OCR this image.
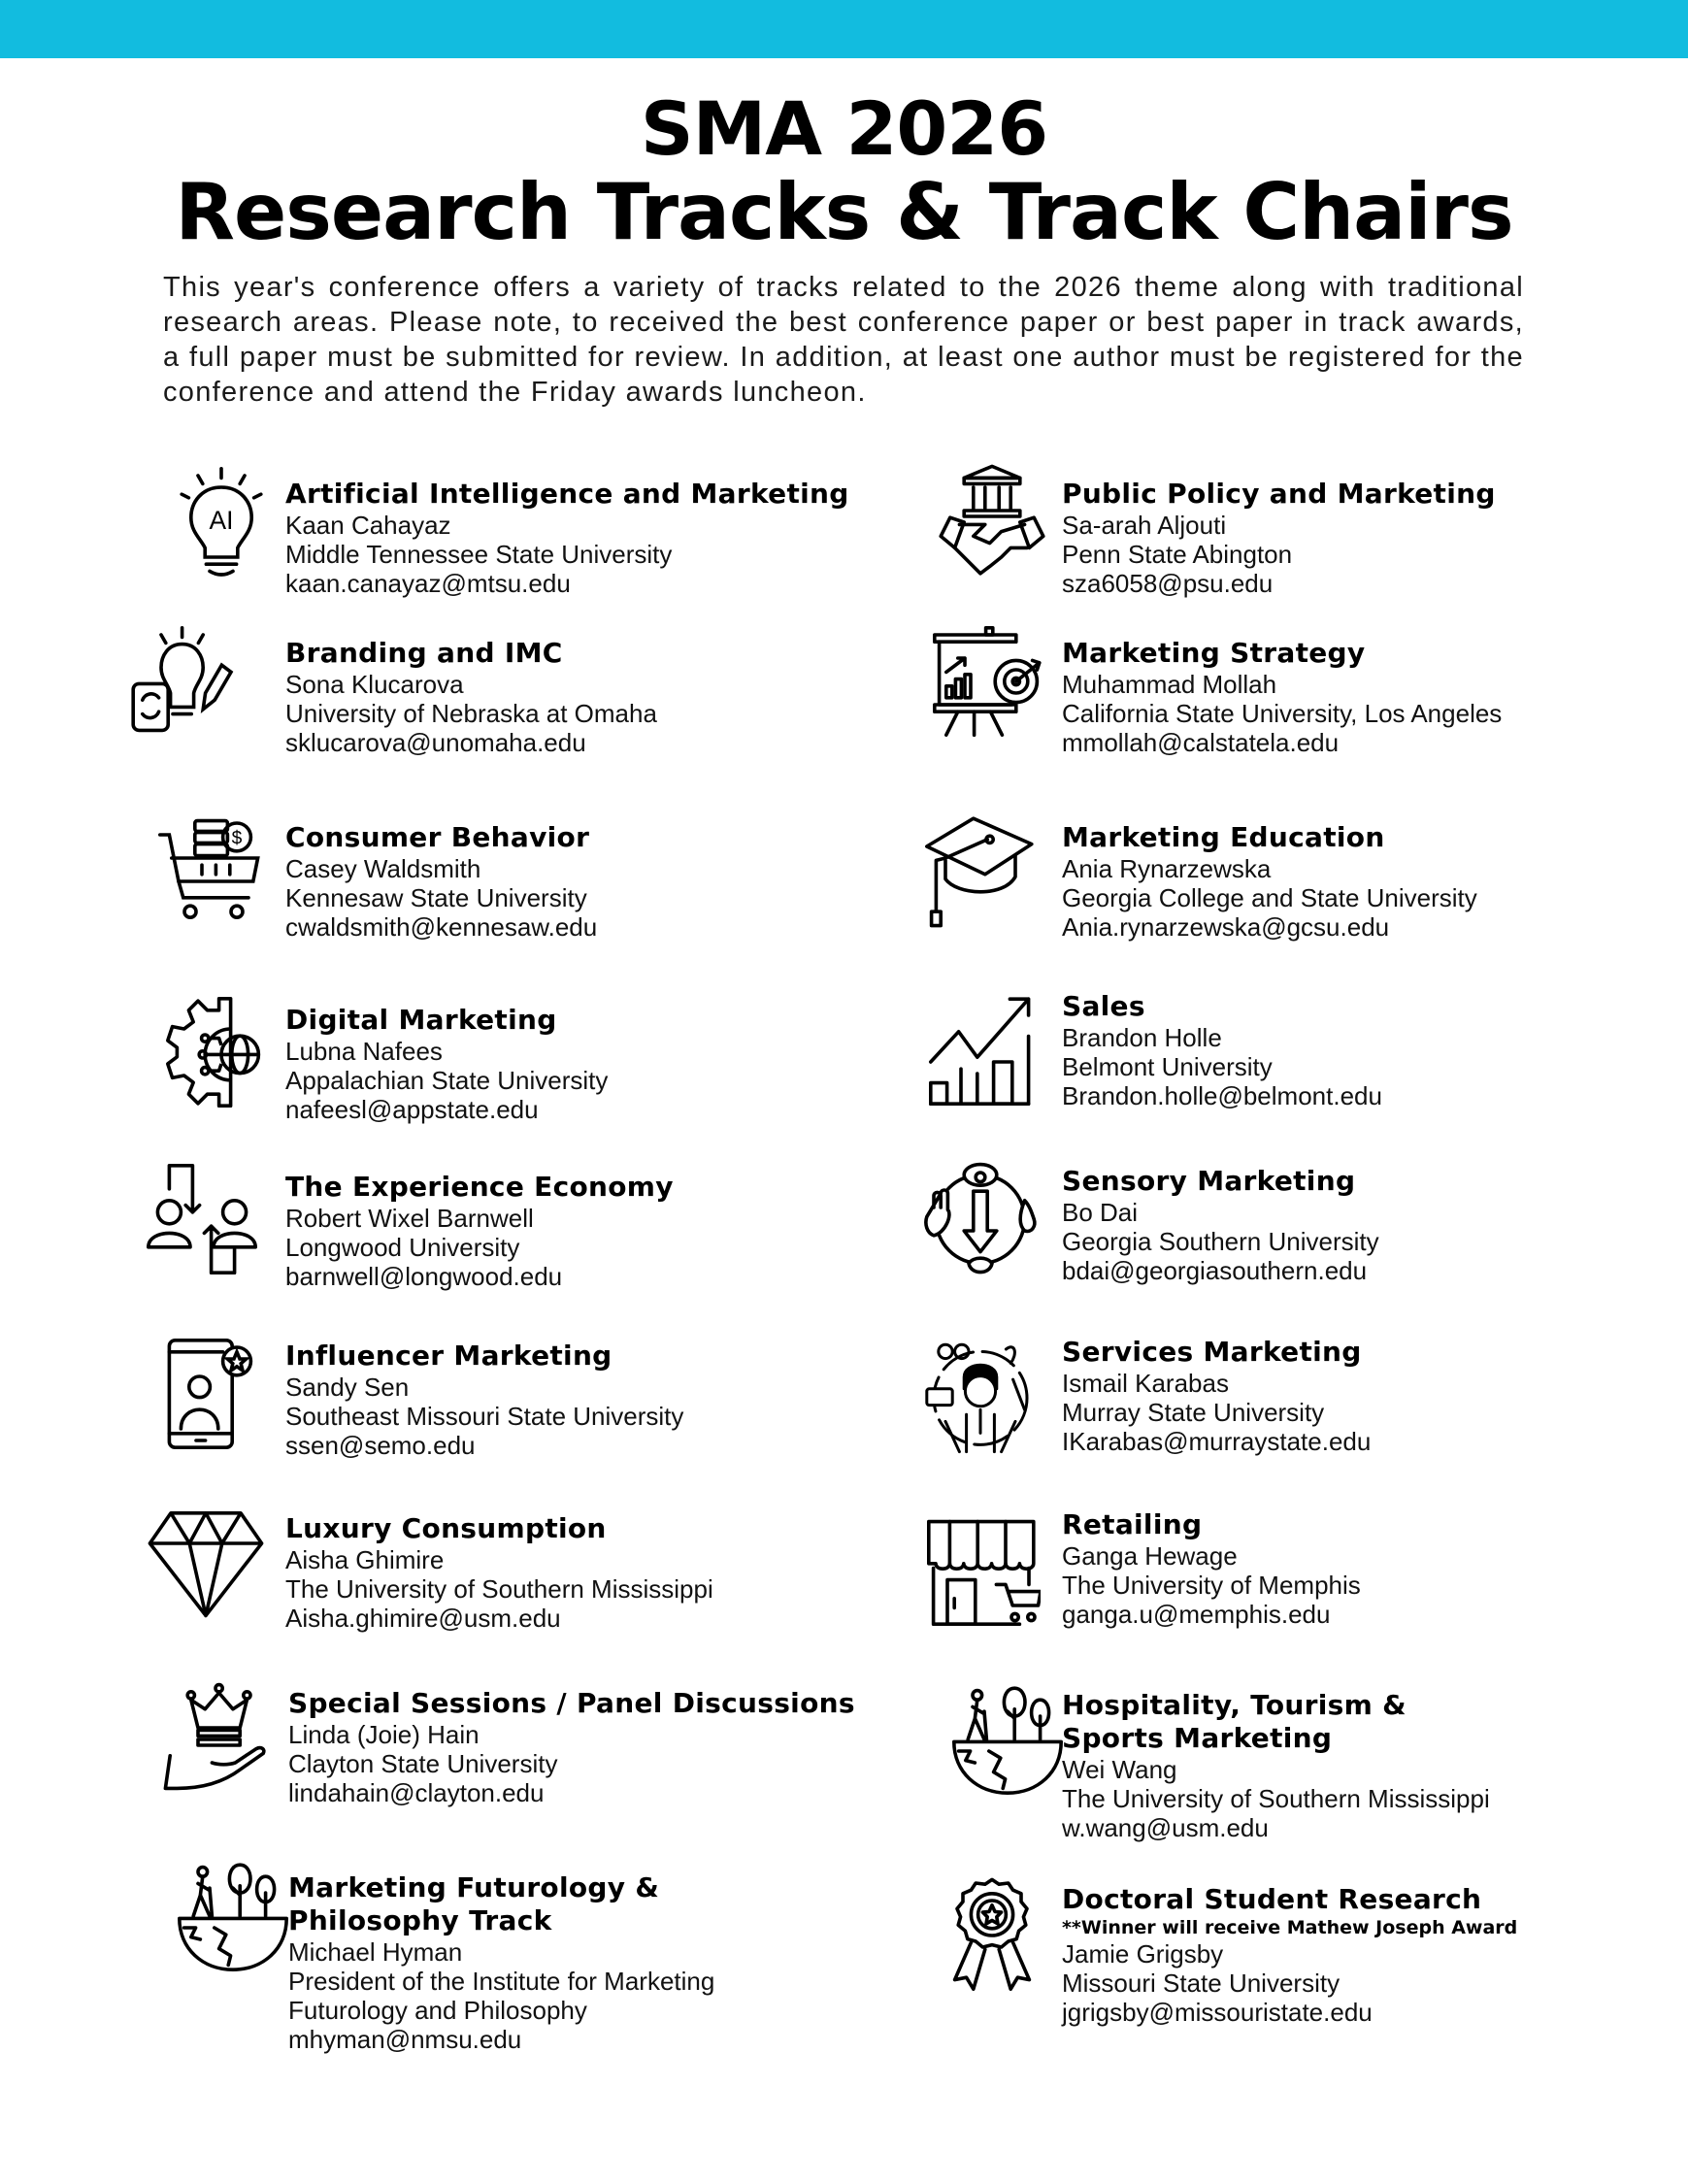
SMA 2026
Research Tracks & Track Chairs
This year's conference offers a variety of tracks related to the 2026 theme along with traditional research areas. Please note, to received the best conference paper or best paper in track awards, a full paper must be submitted for review. In addition, at least one author must be registered for the conference and attend the Friday awards luncheon.
AI
Artificial Intelligence and Marketing
Kaan Cahayaz
Middle Tennessee State University
kaan.canayaz@mtsu.edu
Branding and IMC
Sona Klucarova
University of Nebraska at Omaha
sklucarova@unomaha.edu
$ Consumer Behavior
Casey Waldsmith
Kennesaw State University
cwaldsmith@kennesaw.edu
Digital Marketing
Lubna Nafees
Appalachian State University
nafeesl@appstate.edu
The Experience Economy
Robert Wixel Barnwell
Longwood University
barnwell@longwood.edu
Influencer Marketing
Sandy Sen
Southeast Missouri State University
ssen@semo.edu
Luxury Consumption
Aisha Ghimire
The University of Southern Mississippi
Aisha.ghimire@usm.edu
Special Sessions / Panel Discussions
Linda (Joie) Hain
Clayton State University
lindahain@clayton.edu
Marketing Futurology &
Philosophy Track
Michael Hyman
President of the Institute for Marketing
Futurology and Philosophy
mhyman@nmsu.edu
Public Policy and Marketing
Sa-arah Aljouti
Penn State Abington
sza6058@psu.edu
Marketing Strategy
Muhammad Mollah
California State University, Los Angeles
mmollah@calstatela.edu
Marketing Education
Ania Rynarzewska
Georgia College and State University
Ania.rynarzewska@gcsu.edu
Sales
Brandon Holle
Belmont University
Brandon.holle@belmont.edu
Sensory Marketing
Bo Dai
Georgia Southern University
bdai@georgiasouthern.edu
Services Marketing
Ismail Karabas
Murray State University
IKarabas@murraystate.edu
Retailing
Ganga Hewage
The University of Memphis
ganga.u@memphis.edu
Hospitality, Tourism &
Sports Marketing
Wei Wang
The University of Southern Mississippi
w.wang@usm.edu
Doctoral Student Research
**Winner will receive Mathew Joseph Award
Jamie Grigsby
Missouri State University
jgrigsby@missouristate.edu
